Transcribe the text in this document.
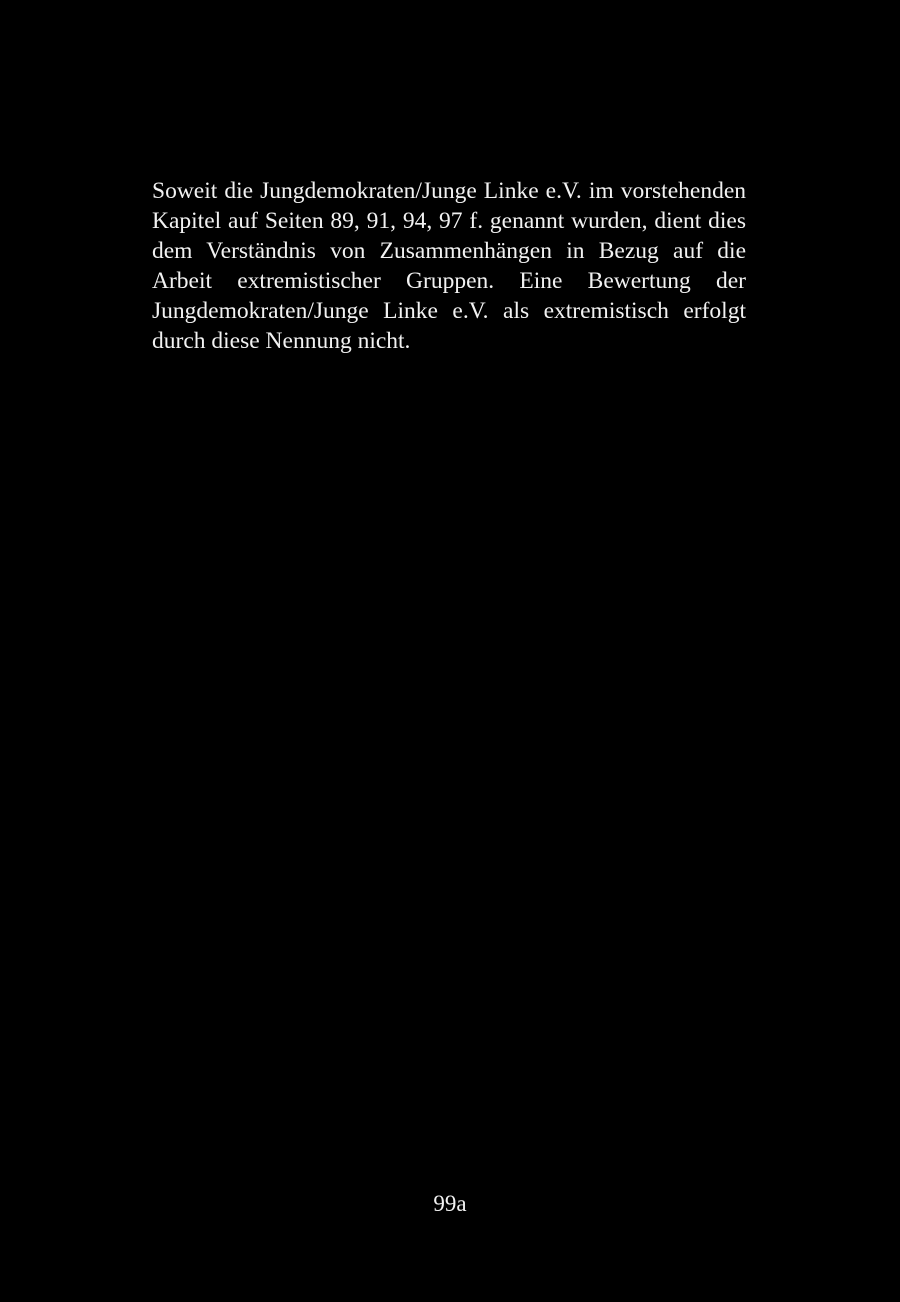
Soweit die Jungdemokraten/Junge Linke e.V. im vorstehenden Kapitel auf Seiten 89, 91, 94, 97 f. genannt wurden, dient dies dem Verständnis von Zusammenhängen in Bezug auf die Arbeit extremistischer Gruppen. Eine Bewertung der Jungdemokraten/Junge Linke e.V. als extremistisch erfolgt durch diese Nennung nicht.

99a
